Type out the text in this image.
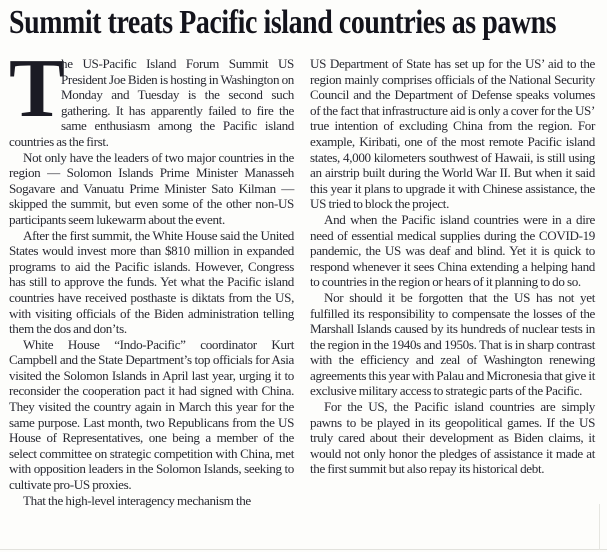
Summit treats Pacific island countries as pawns

T
he US-Pacific Island Forum Summit US President Joe Biden is hosting in Washington on Monday and Tuesday is the second such gathering. It has apparently failed to fire the same enthusiasm among the Pacific island countries as the first.

Not only have the leaders of two major countries in the region — Solomon Islands Prime Minister Manasseh Sogavare and Vanuatu Prime Minister Sato Kilman — skipped the summit, but even some of the other non-US participants seem lukewarm about the event.

After the first summit, the White House said the United States would invest more than $810 million in expanded programs to aid the Pacific islands. However, Congress has still to approve the funds. Yet what the Pacific island countries have received posthaste is diktats from the US, with visiting officials of the Biden administration telling them the dos and don’ts.

White House “Indo-Pacific” coordinator Kurt Campbell and the State Department’s top officials for Asia visited the Solomon Islands in April last year, urging it to reconsider the cooperation pact it had signed with China. They visited the country again in March this year for the same purpose. Last month, two Republicans from the US House of Representatives, one being a member of the select committee on strategic competition with China, met with opposition leaders in the Solomon Islands, seeking to cultivate pro-US proxies.

That the high-level interagency mechanism the

US Department of State has set up for the US’ aid to the region mainly comprises officials of the National Security Council and the Department of Defense speaks volumes of the fact that infrastructure aid is only a cover for the US’ true intention of excluding China from the region. For example, Kiribati, one of the most remote Pacific island states, 4,000 kilometers southwest of Hawaii, is still using an airstrip built during the World War II. But when it said this year it plans to upgrade it with Chinese assistance, the US tried to block the project.

And when the Pacific island countries were in a dire need of essential medical supplies during the COVID-19 pandemic, the US was deaf and blind. Yet it is quick to respond whenever it sees China extending a helping hand to countries in the region or hears of it planning to do so.

Nor should it be forgotten that the US has not yet fulfilled its responsibility to compensate the losses of the Marshall Islands caused by its hundreds of nuclear tests in the region in the 1940s and 1950s. That is in sharp contrast with the efficiency and zeal of Washington renewing agreements this year with Palau and Micronesia that give it exclusive military access to strategic parts of the Pacific.

For the US, the Pacific island countries are simply pawns to be played in its geopolitical games. If the US truly cared about their development as Biden claims, it would not only honor the pledges of assistance it made at the first summit but also repay its historical debt.
